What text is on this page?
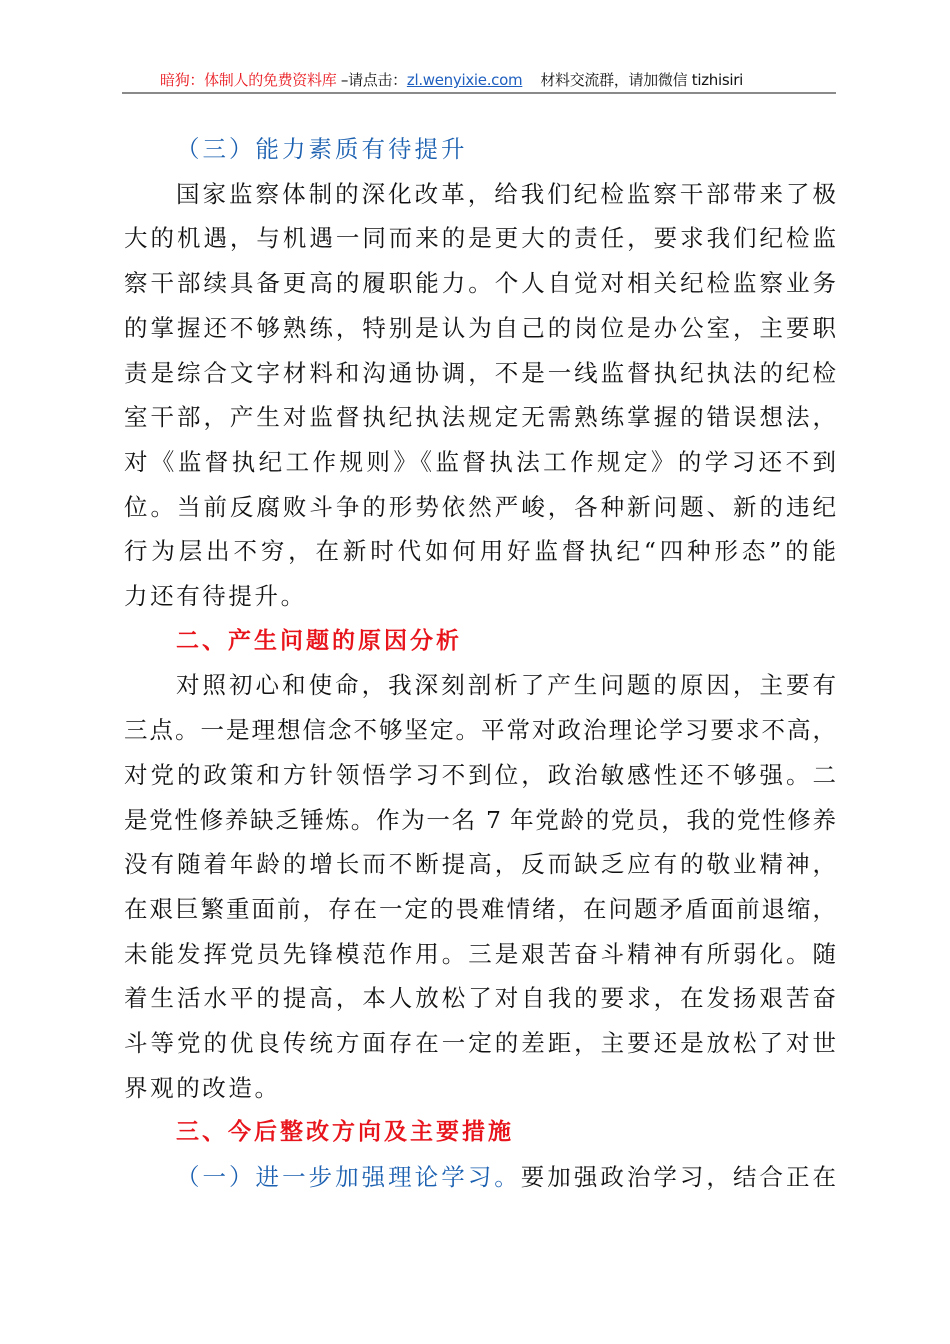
暗狗：体制人的免费资料库 –请点击：zl.wenyixie.com 材料交流群，请加微信 tizhisiri
（三）能力素质有待提升
国家监察体制的深化改革，给我们纪检监察干部带来了极
大的机遇，与机遇一同而来的是更大的责任，要求我们纪检监
察干部续具备更高的履职能力。个人自觉对相关纪检监察业务
的掌握还不够熟练，特别是认为自己的岗位是办公室，主要职
责是综合文字材料和沟通协调，不是一线监督执纪执法的纪检
室干部，产生对监督执纪执法规定无需熟练掌握的错误想法，
对《监督执纪工作规则》《监督执法工作规定》的学习还不到
位。当前反腐败斗争的形势依然严峻，各种新问题、新的违纪
行为层出不穷，在新时代如何用好监督执纪“四种形态”的能
力还有待提升。
二、产生问题的原因分析
对照初心和使命，我深刻剖析了产生问题的原因，主要有
三点。一是理想信念不够坚定。平常对政治理论学习要求不高，
对党的政策和方针领悟学习不到位，政治敏感性还不够强。二
是党性修养缺乏锤炼。作为一名 7 年党龄的党员，我的党性修养
没有随着年龄的增长而不断提高，反而缺乏应有的敬业精神，
在艰巨繁重面前，存在一定的畏难情绪，在问题矛盾面前退缩，
未能发挥党员先锋模范作用。三是艰苦奋斗精神有所弱化。随
着生活水平的提高，本人放松了对自我的要求，在发扬艰苦奋
斗等党的优良传统方面存在一定的差距，主要还是放松了对世
界观的改造。
三、今后整改方向及主要措施
（一）进一步加强理论学习。要加强政治学习，结合正在
